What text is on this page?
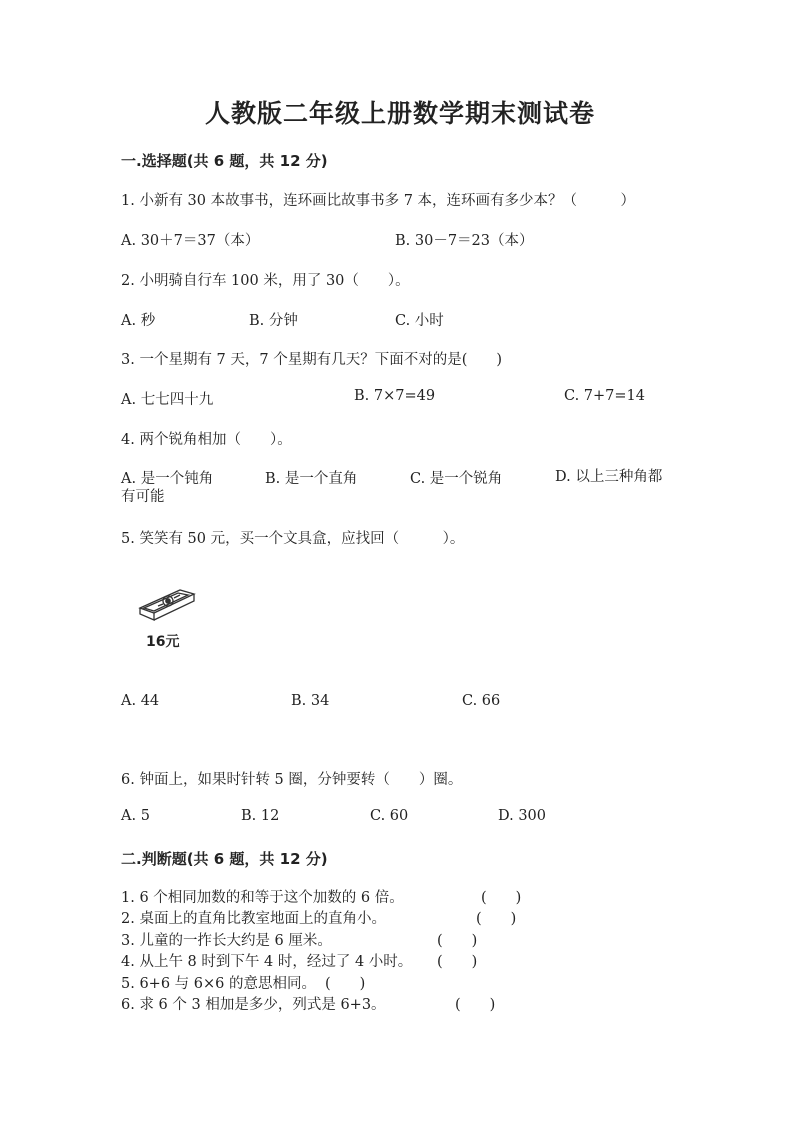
人教版二年级上册数学期末测试卷
一.选择题(共 6 题，共 12 分)
1. 小新有 30 本故事书，连环画比故事书多 7 本，连环画有多少本？（　　　）
A. 30＋7＝37（本）	B. 30－7＝23（本）
2. 小明骑自行车 100 米，用了 30（　　）。
A. 秒	B. 分钟	C. 小时
3. 一个星期有 7 天，7 个星期有几天？下面不对的是(　　)
A. 七七四十九	B. 7×7=49	C. 7+7=14
4. 两个锐角相加（　　）。
A. 是一个钝角	B. 是一个直角	C. 是一个锐角	D. 以上三种角都有可能
5. 笑笑有 50 元，买一个文具盒，应找回（　　　）。
16元
A. 44	B. 34	C. 66
6. 钟面上，如果时针转 5 圈，分钟要转（　　）圈。
A. 5	B. 12	C. 60	D. 300
二.判断题(共 6 题，共 12 分)
1. 6 个相同加数的和等于这个加数的 6 倍。	(　　)
2. 桌面上的直角比教室地面上的直角小。	(　　)
3. 儿童的一拃长大约是 6 厘米。	(　　)
4. 从上午 8 时到下午 4 时，经过了 4 小时。 (　　)
5. 6+6 与 6×6 的意思相同。 (　　)
6. 求 6 个 3 相加是多少，列式是 6+3。	(　　)
